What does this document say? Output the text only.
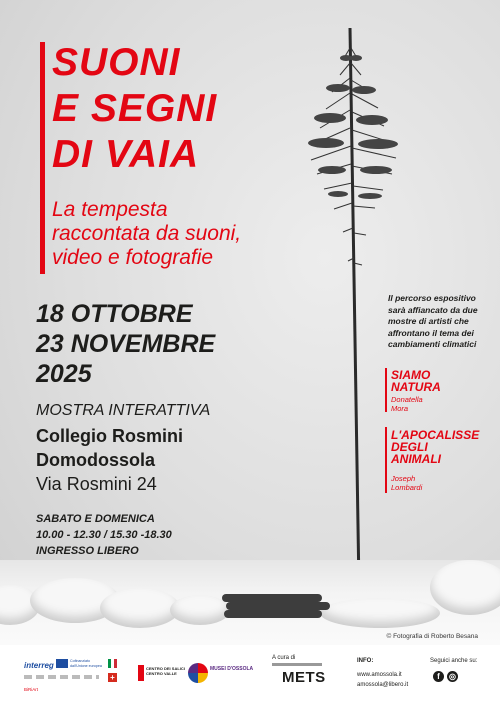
SUONI
E SEGNI
DI VAIA
La tempesta
raccontata da suoni,
video e fotografie
18 OTTOBRE
23 NOVEMBRE
2025
MOSTRA INTERATTIVA
Collegio Rosmini
Domodossola
Via Rosmini 24
SABATO E DOMENICA
10.00 - 12.30 / 15.30 -18.30
INGRESSO LIBERO
Il percorso espositivo sarà affiancato da due mostre di artisti che affrontano il tema dei cambiamenti climatici
SIAMO
NATURA
Donatella
Mora
L'APOCALISSE
DEGLI
ANIMALI
Joseph
Lombardi
© Fotografia di Roberto Besana
interreg	Cofinanziato dall'Unione europea
+
BiRiArt
CENTRO DEI SALICI
CENTRO VALLE
MUSEI D'OSSOLA
A cura di
METS
INFO:
www.amossola.it
amossola@libero.it
Seguici anche su:
f	◎
